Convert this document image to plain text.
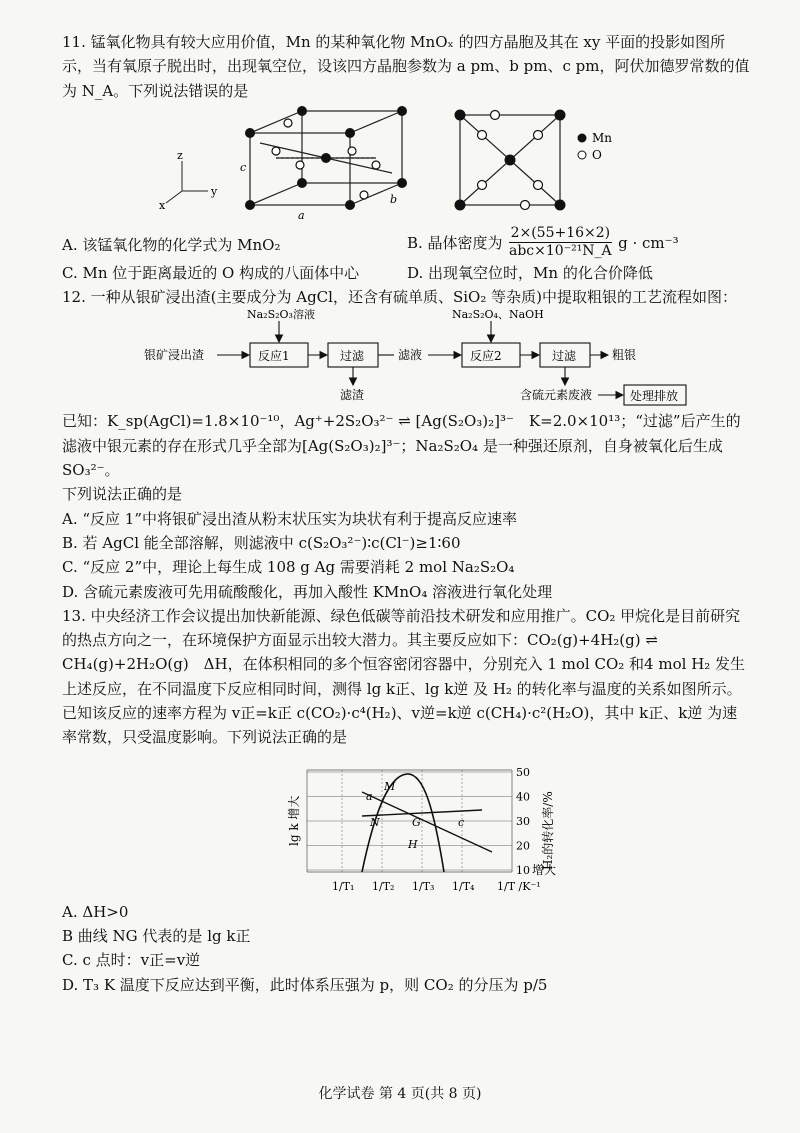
11. 锰氧化物具有较大应用价值，Mn 的某种氧化物 MnOₓ 的四方晶胞及其在 xy 平面的投影如图所示，当有氧原子脱出时，出现氧空位，设该四方晶胞参数为 a pm、b pm、c pm，阿伏加德罗常数的值为 N_A。下列说法错误的是

z
y
x
c
a
b
Mn
O
A. 该锰氧化物的化学式为 MnO₂	B. 晶体密度为
2×(55+16×2)
abc×10⁻²¹N_A g · cm⁻³
C. Mn 位于距离最近的 O 构成的八面体中心	D. 出现氧空位时，Mn 的化合价降低

12. 一种从银矿浸出渣(主要成分为 AgCl，还含有硫单质、SiO₂ 等杂质)中提取粗银的工艺流程如图：

Na₂S₂O₃溶液	Na₂S₂O₄、NaOH
银矿浸出渣	反应1	过滤	滤液	反应2	过滤	粗银
滤渣	含硫元素废液	处理排放

已知：K_sp(AgCl)=1.8×10⁻¹⁰，Ag⁺+2S₂O₃²⁻ ⇌ [Ag(S₂O₃)₂]³⁻　K=2.0×10¹³；“过滤”后产生的滤液中银元素的存在形式几乎全部为[Ag(S₂O₃)₂]³⁻；Na₂S₂O₄ 是一种强还原剂，自身被氧化后生成 SO₃²⁻。

下列说法正确的是

A. “反应 1”中将银矿浸出渣从粉末状压实为块状有利于提高反应速率

B. 若 AgCl 能全部溶解，则滤液中 c(S₂O₃²⁻)∶c(Cl⁻)≥1∶60

C. “反应 2”中，理论上每生成 108 g Ag 需要消耗 2 mol Na₂S₂O₄

D. 含硫元素废液可先用硫酸酸化，再加入酸性 KMnO₄ 溶液进行氧化处理

13. 中央经济工作会议提出加快新能源、绿色低碳等前沿技术研发和应用推广。CO₂ 甲烷化是目前研究的热点方向之一，在环境保护方面显示出较大潜力。其主要反应如下：CO₂(g)+4H₂(g) ⇌ CH₄(g)+2H₂O(g)　ΔH，在体积相同的多个恒容密闭容器中，分别充入 1 mol CO₂ 和4 mol H₂ 发生上述反应，在不同温度下反应相同时间，测得 lg k正、lg k逆 及 H₂ 的转化率与温度的关系如图所示。已知该反应的速率方程为 v正=k正 c(CO₂)·c⁴(H₂)、v逆=k逆 c(CH₄)·c²(H₂O)，其中 k正、k逆 为速率常数，只受温度影响。下列说法正确的是

M
a
N	G	c
H
10
20
30
40
50
1/T₁ 1/T₂ 1/T₃ 1/T₄ 1/T /K⁻¹
lg k 增大	H₂的转化率/%
增大

A. ΔH>0

B 曲线 NG 代表的是 lg k正

C. c 点时：v正=v逆

D. T₃ K 温度下反应达到平衡，此时体系压强为 p，则 CO₂ 的分压为 p/5

化学试卷 第 4 页(共 8 页)
